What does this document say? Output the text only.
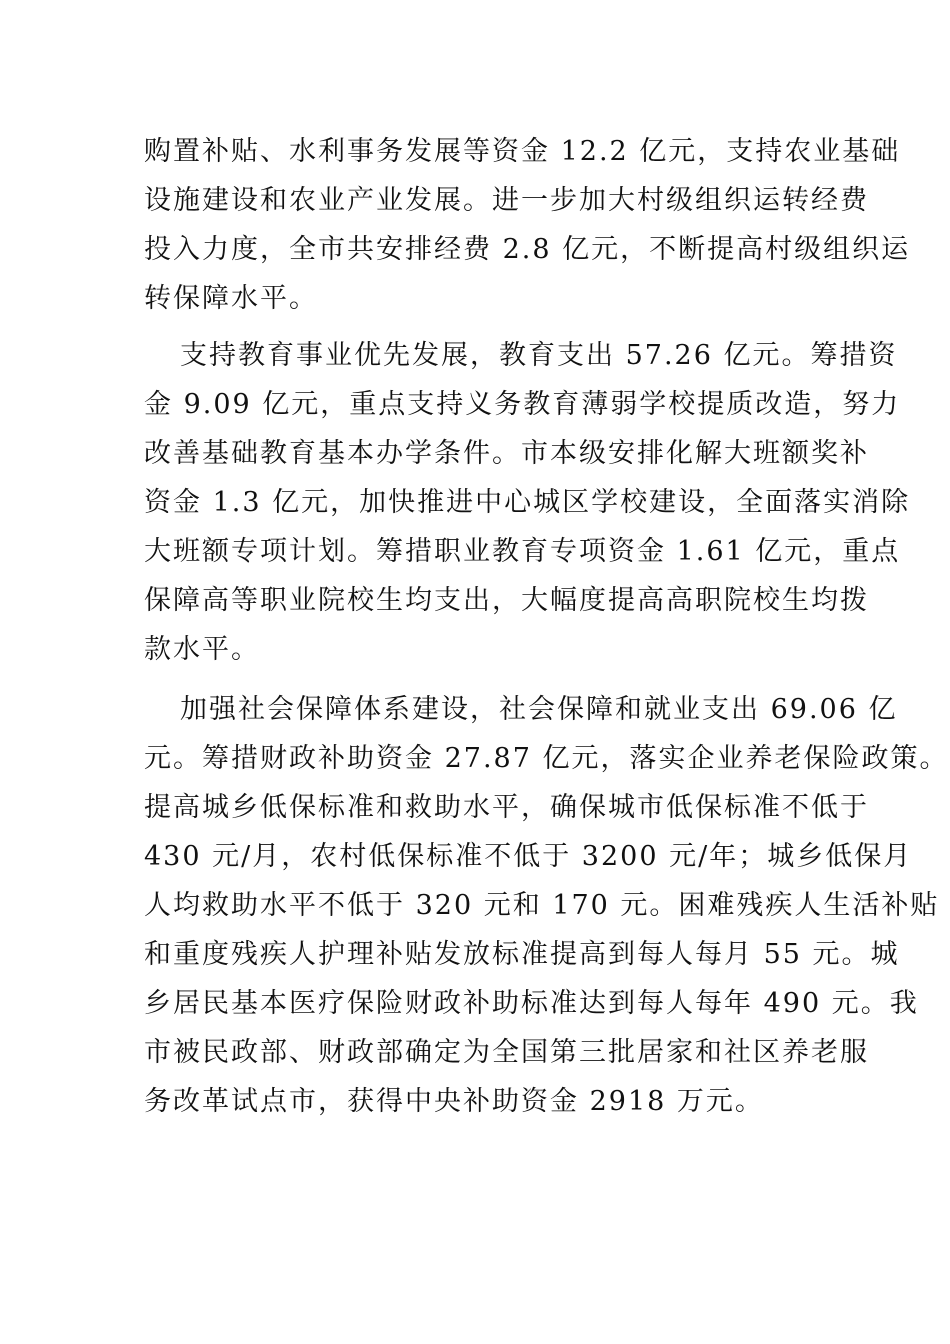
购置补贴、水利事务发展等资金 12.2 亿元，支持农业基础
设施建设和农业产业发展。进一步加大村级组织运转经费
投入力度，全市共安排经费 2.8 亿元，不断提高村级组织运
转保障水平。
支持教育事业优先发展，教育支出 57.26 亿元。筹措资
金 9.09 亿元，重点支持义务教育薄弱学校提质改造，努力
改善基础教育基本办学条件。市本级安排化解大班额奖补
资金 1.3 亿元，加快推进中心城区学校建设，全面落实消除
大班额专项计划。筹措职业教育专项资金 1.61 亿元，重点
保障高等职业院校生均支出，大幅度提高高职院校生均拨
款水平。
加强社会保障体系建设，社会保障和就业支出 69.06 亿
元。筹措财政补助资金 27.87 亿元，落实企业养老保险政策。
提高城乡低保标准和救助水平，确保城市低保标准不低于
430 元/月，农村低保标准不低于 3200 元/年；城乡低保月
人均救助水平不低于 320 元和 170 元。困难残疾人生活补贴
和重度残疾人护理补贴发放标准提高到每人每月 55 元。城
乡居民基本医疗保险财政补助标准达到每人每年 490 元。我
市被民政部、财政部确定为全国第三批居家和社区养老服
务改革试点市，获得中央补助资金 2918 万元。
